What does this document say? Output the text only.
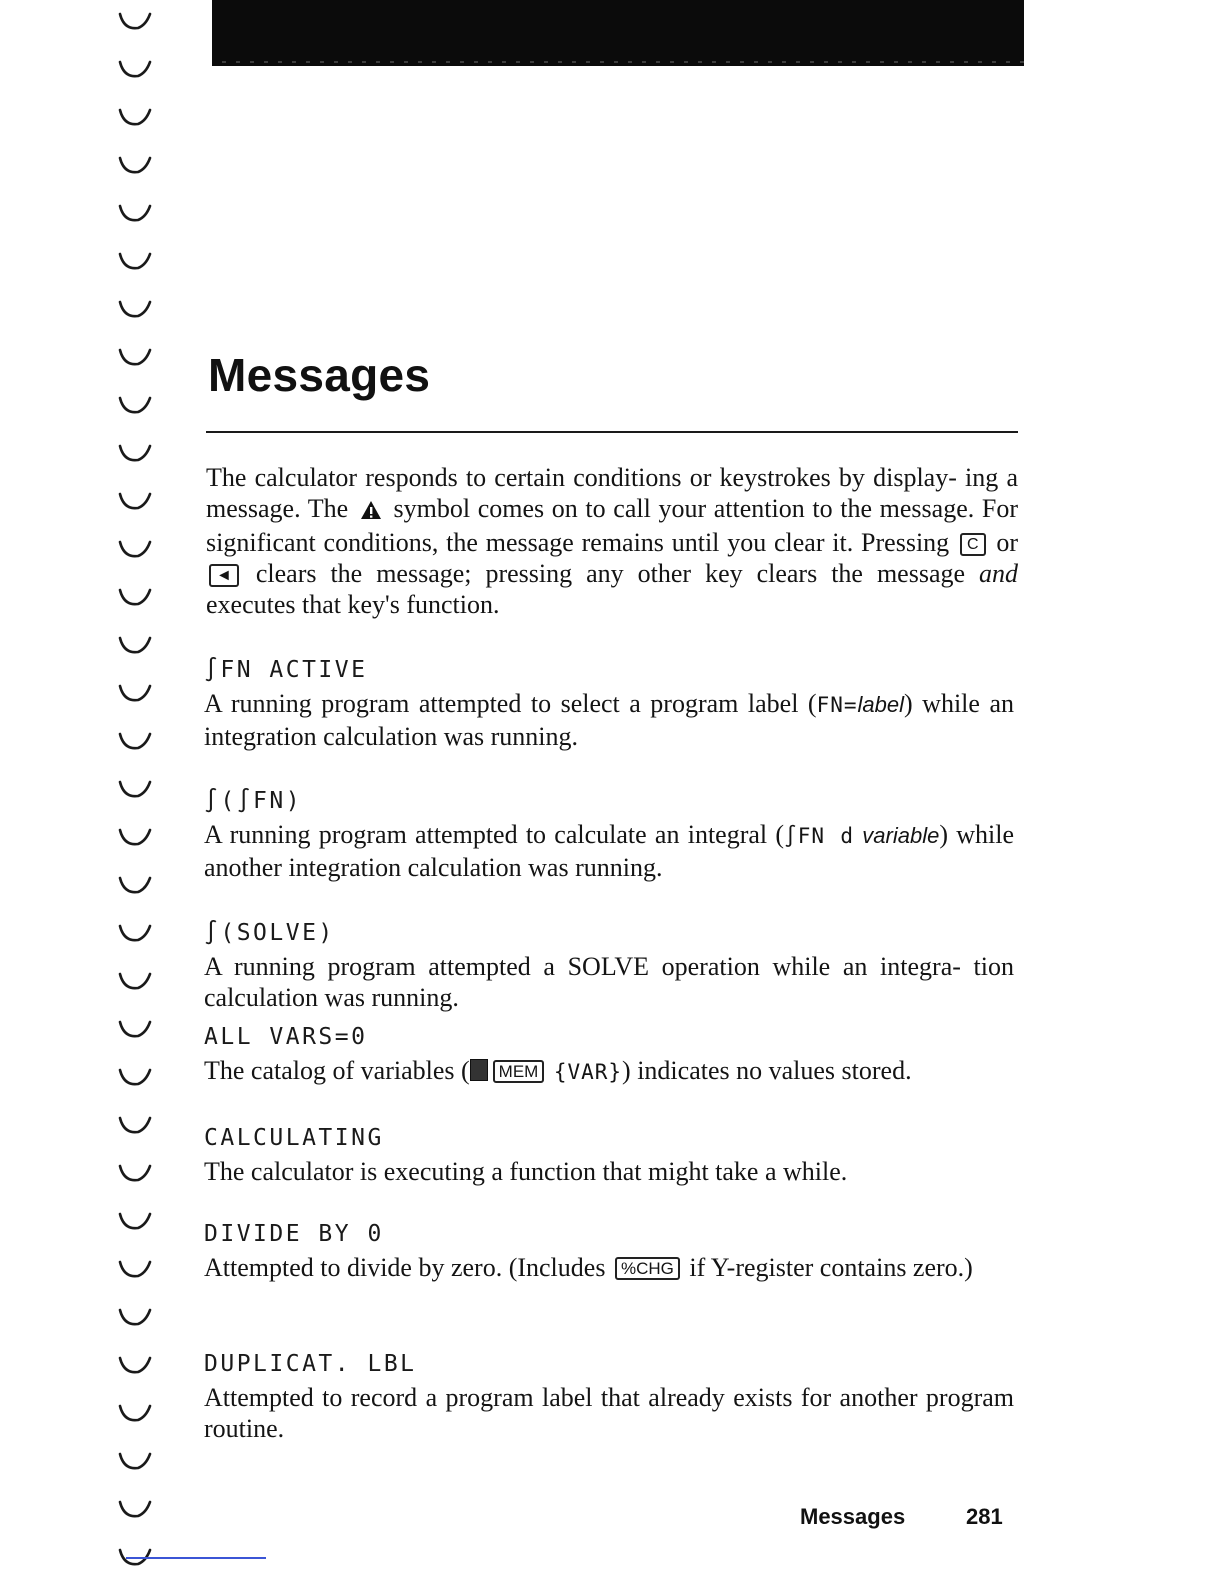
Messages
The calculator responds to certain conditions or keystrokes by display- ing a message. The symbol comes on to call your attention to the message. For significant conditions, the message remains until you clear it. Pressing C or ◄ clears the message; pressing any other key clears the message and executes that key's function.
∫FN ACTIVE
A running program attempted to select a program label (FN=label) while an integration calculation was running.
∫(∫FN)
A running program attempted to calculate an integral (∫FN d variable) while another integration calculation was running.
∫(SOLVE)
A running program attempted a SOLVE operation while an integra- tion calculation was running.
ALL VARS=0
The catalog of variables ( MEM {VAR}) indicates no values stored.
CALCULATING
The calculator is executing a function that might take a while.
DIVIDE BY 0
Attempted to divide by zero. (Includes %CHG if Y-register contains zero.)
DUPLICAT. LBL
Attempted to record a program label that already exists for another program routine.
Messages	281
